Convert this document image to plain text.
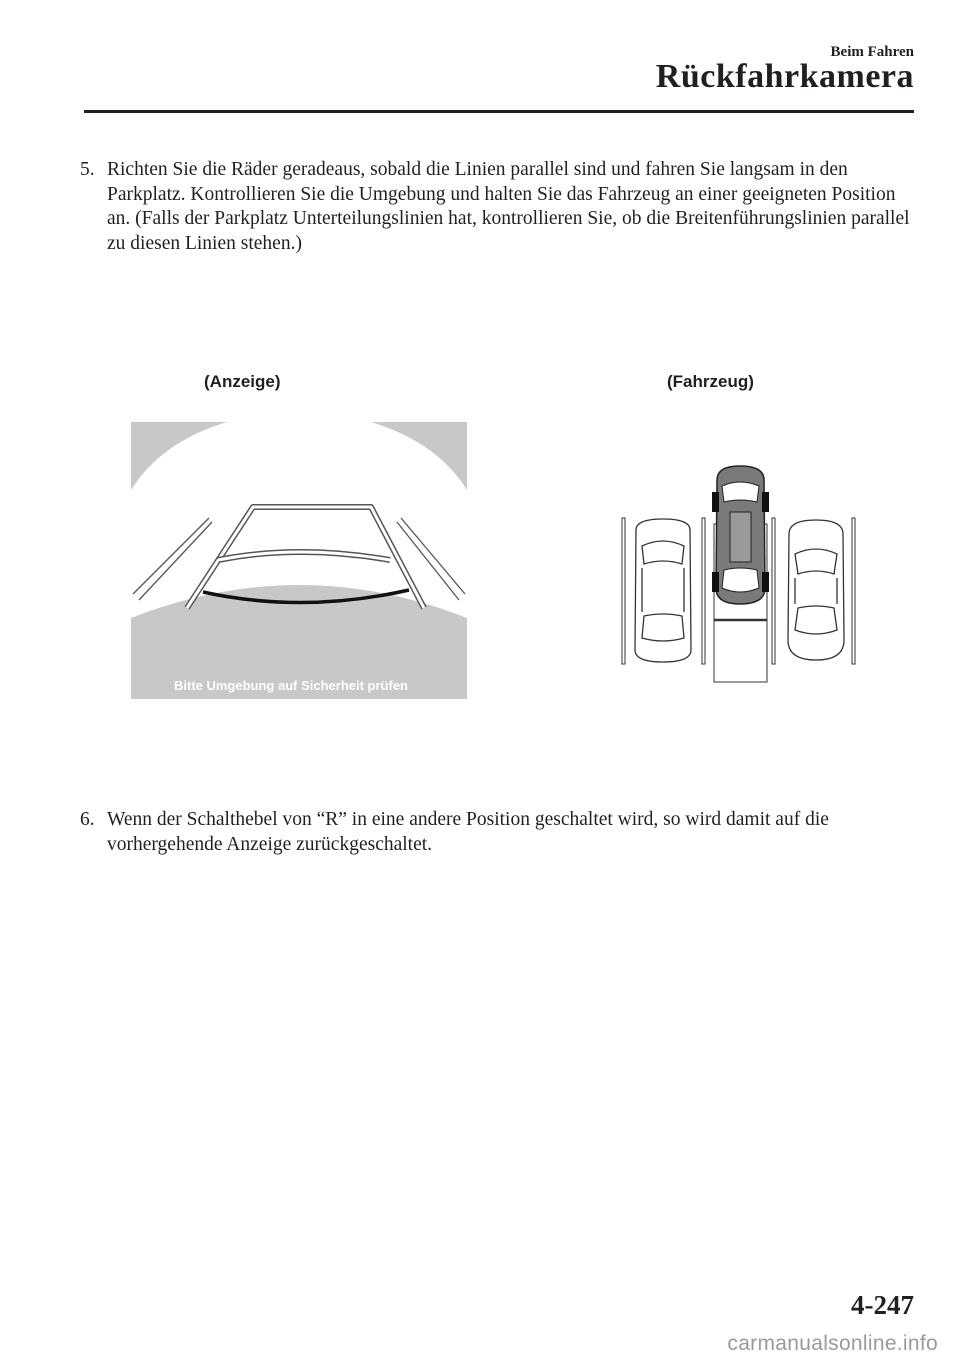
Beim Fahren
Rückfahrkamera
5. Richten Sie die Räder geradeaus, sobald die Linien parallel sind und fahren Sie langsam in den Parkplatz. Kontrollieren Sie die Umgebung und halten Sie das Fahrzeug an einer geeigneten Position an. (Falls der Parkplatz Unterteilungslinien hat, kontrollieren Sie, ob die Breitenführungslinien parallel zu diesen Linien stehen.)
(Anzeige)	(Fahrzeug)
Bitte Umgebung auf Sicherheit prüfen
6. Wenn der Schalthebel von “R” in eine andere Position geschaltet wird, so wird damit auf die vorhergehende Anzeige zurückgeschaltet.
4-247
carmanualsonline.info
